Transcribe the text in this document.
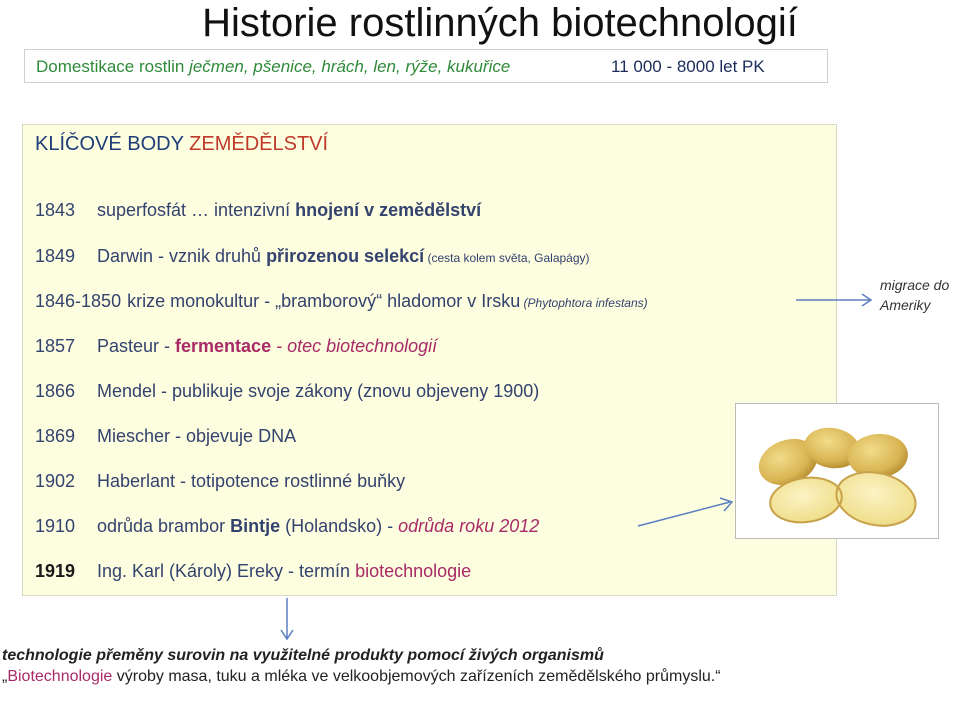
Historie rostlinných biotechnologií
Domestikace rostlin ječmen, pšenice, hrách, len, rýže, kukuřice	11 000 - 8000 let PK
KLÍČOVÉ BODY ZEMĚDĚLSTVÍ
1843 superfosfát … intenzivní hnojení v zemědělství
1849 Darwin - vznik druhů přirozenou selekcí (cesta kolem světa, Galapágy)
1846-1850 krize monokultur - „bramborový“ hladomor v Irsku (Phytophtora infestans)
1857 Pasteur - fermentace - otec biotechnologií
1866 Mendel - publikuje svoje zákony (znovu objeveny 1900)
1869 Miescher - objevuje DNA
1902 Haberlant - totipotence rostlinné buňky
1910 odrůda brambor Bintje (Holandsko) - odrůda roku 2012
1919 Ing. Karl (Károly) Ereky - termín biotechnologie
migrace do
Ameriky
technologie přeměny surovin na využitelné produkty pomocí živých organismů
„Biotechnologie výroby masa, tuku a mléka ve velkoobjemových zařízeních zemědělského průmyslu.“
